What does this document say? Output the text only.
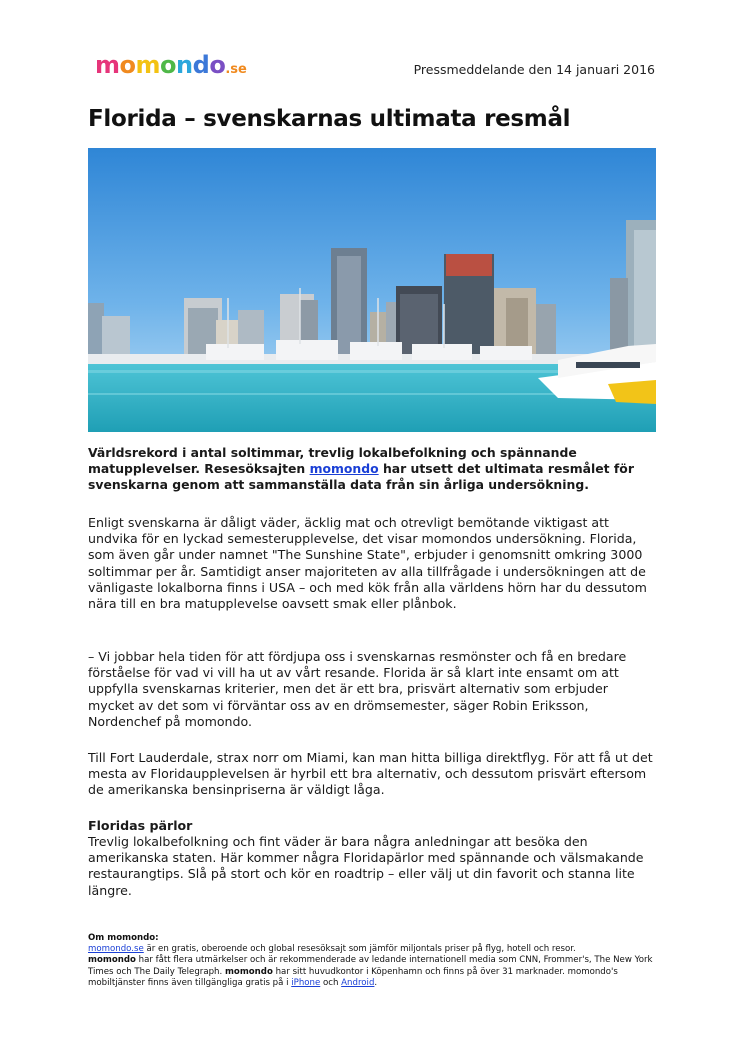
momondo.se	Pressmeddelande den 14 januari 2016
Florida – svenskarnas ultimata resmål
Världsrekord i antal soltimmar, trevlig lokalbefolkning och spännande matupplevelser. Resesöksajten momondo har utsett det ultimata resmålet för svenskarna genom att sammanställa data från sin årliga undersökning.
Enligt svenskarna är dåligt väder, äcklig mat och otrevligt bemötande viktigast att undvika för en lyckad semesterupplevelse, det visar momondos undersökning. Florida, som även går under namnet "The Sunshine State", erbjuder i genomsnitt omkring 3000 soltimmar per år. Samtidigt anser majoriteten av alla tillfrågade i undersökningen att de vänligaste lokalborna finns i USA – och med kök från alla världens hörn har du dessutom nära till en bra matupplevelse oavsett smak eller plånbok.
– Vi jobbar hela tiden för att fördjupa oss i svenskarnas resmönster och få en bredare förståelse för vad vi vill ha ut av vårt resande. Florida är så klart inte ensamt om att uppfylla svenskarnas kriterier, men det är ett bra, prisvärt alternativ som erbjuder mycket av det som vi förväntar oss av en drömsemester, säger Robin Eriksson, Nordenchef på momondo.
Till Fort Lauderdale, strax norr om Miami, kan man hitta billiga direktflyg. För att få ut det mesta av Floridaupplevelsen är hyrbil ett bra alternativ, och dessutom prisvärt eftersom de amerikanska bensinpriserna är väldigt låga.
Floridas pärlor
Trevlig lokalbefolkning och fint väder är bara några anledningar att besöka den amerikanska staten. Här kommer några Floridapärlor med spännande och välsmakande restaurangtips. Slå på stort och kör en roadtrip – eller välj ut din favorit och stanna lite längre.
Om momondo:
momondo.se är en gratis, oberoende och global resesöksajt som jämför miljontals priser på flyg, hotell och resor.
momondo har fått flera utmärkelser och är rekommenderade av ledande internationell media som CNN, Frommer's, The New York Times och The Daily Telegraph. momondo har sitt huvudkontor i Köpenhamn och finns på över 31 marknader. momondo's mobiltjänster finns även tillgängliga gratis på i iPhone och Android.
